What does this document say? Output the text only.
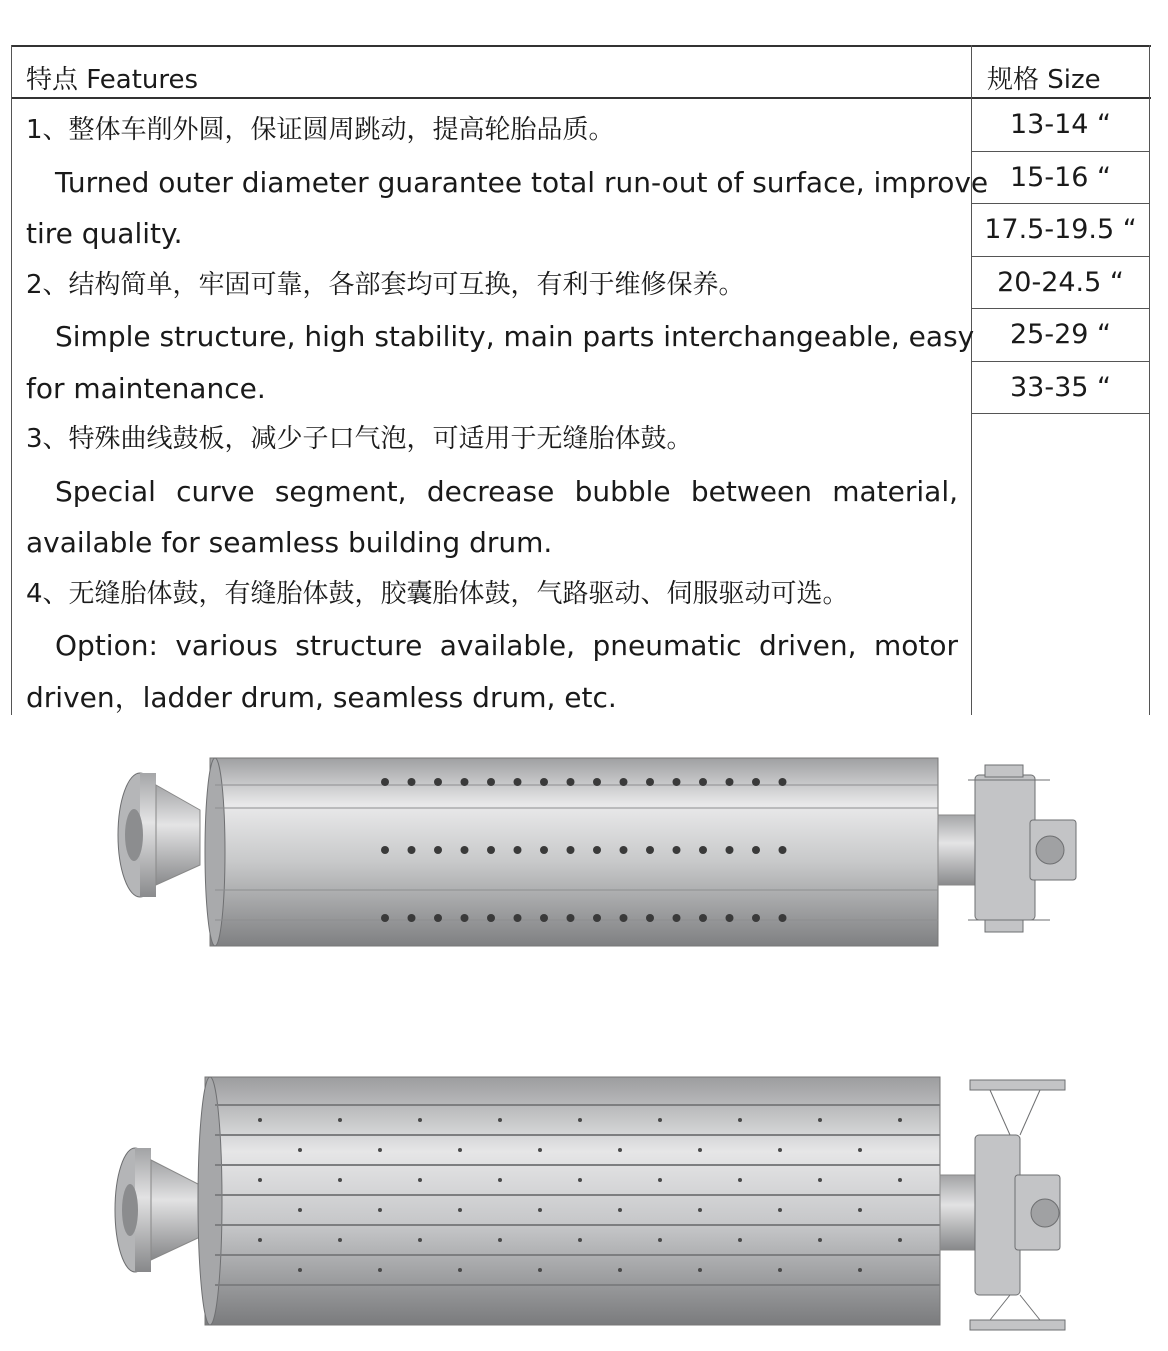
特点 Features	规格 Size
1、整体车削外圆，保证圆周跳动，提高轮胎品质。
Turned outer diameter guarantee total run-out of surface, improve
tire quality.
2、结构简单，牢固可靠，各部套均可互换，有利于维修保养。
Simple structure, high stability, main parts interchangeable, easy
for maintenance.
3、特殊曲线鼓板，减少子口气泡，可适用于无缝胎体鼓。
Special curve segment, decrease bubble between material,
available for seamless building drum.
4、无缝胎体鼓，有缝胎体鼓，胶囊胎体鼓，气路驱动、伺服驱动可选。
Option: various structure available, pneumatic driven, motor
driven，ladder drum, seamless drum, etc.
13-14 “
15-16 “
17.5-19.5 “
20-24.5 “
25-29 “
33-35 “
